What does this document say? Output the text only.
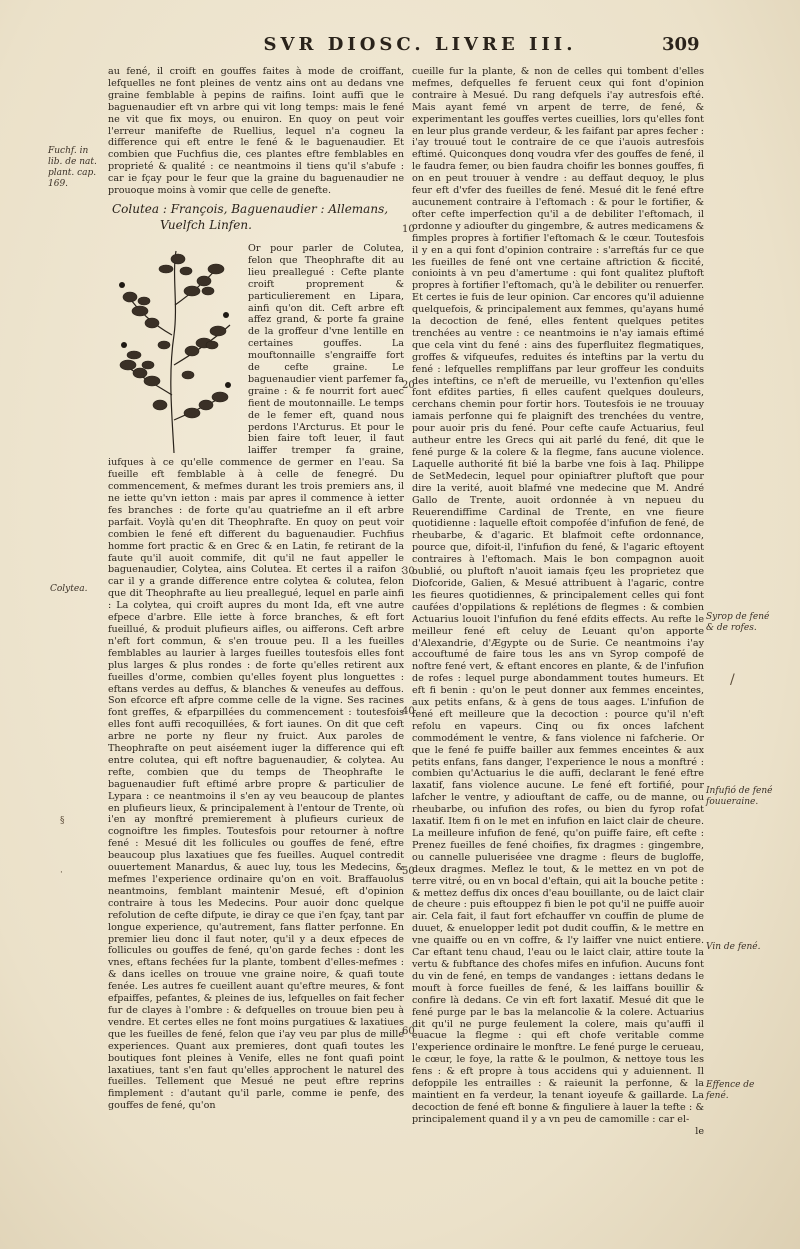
SVR DIOSC. LIVRE III.	309

au fené, il croift en gouffes faites à mode de croiffant, lefquelles ne font pleines de ventz ains ont au dedans vne graine femblable à pepins de raifins. Ioint auffi que le baguenaudier eft vn arbre qui vit long temps: mais le fené ne vit que fix moys, ou enuiron. En quoy on peut voir l'erreur manifefte de Ruellius, lequel n'a cogneu la difference qui eft entre le fené & le baguenaudier. Et combien que Fuchfius die, ces plantes eftre femblables en proprieté & qualité : ce neantmoins il tiens qu'il s'abufe : car ie fçay pour le feur que la graine du baguenaudier ne prouoque moins à vomir que celle de genefte.

Colutea : François, Baguenaudier : Allemans,
Vuelfch Linfen.

Or pour parler de Colutea, felon que Theophrafte dit au lieu preallegué : Cefte plante croift proprement & particulierement en Lipara, ainfi qu'on dit. Ceft arbre eft affez grand, & porte fa graine de la groffeur d'vne lentille en certaines gouffes. La mouftonnaille s'engraiffe fort de cefte graine. Le baguenaudier vient parfemer fa graine : & fe nourrit fort auec fient de moutonnaille. Le temps de le femer eft, quand nous perdons l'Arcturus. Et pour le bien faire toft leuer, il faut laiffer tremper fa graine, iufques à ce qu'elle commence de germer en l'eau. Sa fueille eft femblable à à celle de fenegré. Du commencement, & mefmes durant les trois premiers ans, il ne iette qu'vn ietton : mais par apres il commence à ietter fes branches : de forte qu'au quatriefme an il eft arbre parfait. Voylà qu'en dit Theophrafte. En quoy on peut voir combien le fené eft different du baguenaudier. Fuchfius homme fort practic & en Grec & en Latin, fe retirant de la faute qu'il auoit commife, dit qu'il ne faut appeller le baguenaudier, Colytea, ains Colutea. Et certes il a raifon : car il y a grande difference entre colytea & colutea, felon que dit Theophrafte au lieu preallegué, lequel en parle ainfi : La colytea, qui croift aupres du mont Ida, eft vne autre efpece d'arbre. Elle iette à force branches, & eft fort fueillué, & produit plufieurs aifles, ou aifferons. Ceft arbre n'eft fort commun, & s'en trouue peu. Il a les fueilles femblables au laurier à larges fueilles toutesfois elles font plus larges & plus rondes : de forte qu'elles retirent aux fueilles d'orme, combien qu'elles foyent plus longuettes : eftans verdes au deffus, & blanches & veneufes au deffous. Son efcorce eft afpre comme celle de la vigne. Ses racines font greffes, & efparpillées du commencement : toutesfois elles font auffi recoquillées, & fort iaunes. On dit que ceft arbre ne porte ny fleur ny fruict. Aux paroles de Theophrafte on peut aiséement iuger la difference qui eft entre colutea, qui eft noftre baguenaudier, & colytea. Au refte, combien que du temps de Theophrafte le baguenaudier fuft eftimé arbre propre & particulier de Lypara : ce neantmoins il s'en ay veu beaucoup de plantes en plufieurs lieux, & principalement à l'entour de Trente, où i'en ay monftré premierement à plufieurs curieux de cognoiftre les fimples. Toutesfois pour retourner à noftre fené : Mesué dit les follicules ou gouffes de fené, eftre beaucoup plus laxatiues que fes fueilles. Auquel contredit ouuertement Manardus, & auec luy, tous les Medecins, & mefmes l'experience ordinaire qu'on en voit. Braffauolus neantmoins, femblant maintenir Mesué, eft d'opinion contraire à tous les Medecins. Pour auoir donc quelque refolution de cefte difpute, ie diray ce que i'en fçay, tant par longue experience, qu'autrement, fans flatter perfonne. En premier lieu donc il faut noter, qu'il y a deux efpeces de follicules ou gouffes de fené, qu'on garde feches : dont les vnes, eftans fechées fur la plante, tombent d'elles-mefmes : & dans icelles on trouue vne graine noire, & quafi toute fenée. Les autres fe cueillent auant qu'eftre meures, & font efpaiffes, pefantes, & pleines de ius, lefquelles on fait fecher fur de clayes à l'ombre : & defquelles on trouue bien peu à vendre. Et certes elles ne font moins purgatiues & laxatiues que les fueilles de fené, felon que i'ay veu par plus de mille experiences. Quant aux premieres, dont quafi toutes les boutiques font pleines à Venife, elles ne font quafi point laxatiues, tant s'en faut qu'elles approchent le naturel des fueilles. Tellement que Mesué ne peut eftre reprins fimplement : d'autant qu'il parle, comme ie penfe, des gouffes de fené, qu'on

cueille fur la plante, & non de celles qui tombent d'elles mefmes, defquelles fe feruent ceux qui font d'opinion contraire à Mesué. Du rang defquels i'ay autresfois efté. Mais ayant femé vn arpent de terre, de fené, & experimentant les gouffes vertes cueillies, lors qu'elles font en leur plus grande verdeur, & les faifant par apres fecher : i'ay trouué tout le contraire de ce que i'auois autresfois eftimé. Quiconques donq voudra vfer des gouffes de fené, il le faudra femer, ou bien faudra choifir les bonnes gouffes, fi on en peut trouuer à vendre : au deffaut dequoy, le plus feur eft d'vfer des fueilles de fené. Mesué dit le fené eftre aucunement contraire à l'eftomach : & pour le fortifier, & ofter cefte imperfection qu'il a de debiliter l'eftomach, il ordonne y adioufter du gingembre, & autres medicamens & fimples propres à fortifier l'eftomach & le cœur. Toutesfois il y en a qui font d'opinion contraire : s'arreftás fur ce que les fueilles de fené ont vne certaine aftriction & ficcité, conioints à vn peu d'amertume : qui font qualitez pluftoft propres à fortifier l'eftomach, qu'à le debiliter ou renuerfer. Et certes ie fuis de leur opinion. Car encores qu'il aduienne quelquefois, & principalement aux femmes, qu'ayans humé la decoction de fené, elles fentent quelques petites trenchées au ventre : ce neantmoins ie n'ay iamais eftimé que cela vint du fené : ains des fuperfluitez flegmatiques, groffes & vifqueufes, reduites és inteftins par la vertu du fené : lefquelles rempliffans par leur groffeur les conduits des inteftins, ce n'eft de merueille, vu l'extenfion qu'elles font efdites parties, fi elles caufent quelques douleurs, cerchans chemin pour fortir hors. Toutesfois ie ne trouuay iamais perfonne qui fe plaignift des trenchées du ventre, pour auoir pris du fené. Pour cefte caufe Actuarius, feul autheur entre les Grecs qui ait parlé du fené, dit que le fené purge & la colere & la flegme, fans aucune violence. Laquelle authorité fit bié la barbe vne fois à Iaq. Philippe de SetMedecin, lequel pour opiniaftrer pluftoft que pour dire la verité, auoit blafmé vne medecine que M. André Gallo de Trente, auoit ordonnée à vn nepueu du Reuerendiffime Cardinal de Trente, en vne fieure quotidienne : laquelle eftoit compofée d'infufion de fené, de rheubarbe, & d'agaric. Et blafmoit cefte ordonnance, pource que, difoit-il, l'infufion du fené, & l'agaric eftoyent contraires à l'eftomach. Mais le bon compagnon auoit oublié, ou pluftoft n'auoit iamais fçeu les proprietez que Diofcoride, Galien, & Mesué attribuent à l'agaric, contre les fieures quotidiennes, & principalement celles qui font caufées d'oppilations & replétions de flegmes : & combien Actuarius louoit l'infufion du fené efdits effects. Au refte le meilleur fené eft celuy de Leuant qu'on apporte d'Alexandrie, d'Ægypte ou de Surie. Ce neantmoins i'ay accouftumé de faire tous les ans vn Syrop compofé de noftre fené vert, & eftant encores en plante, & de l'infufion de rofes : lequel purge abondamment toutes humeurs. Et eft fi benin : qu'on le peut donner aux femmes enceintes, aux petits enfans, & à gens de tous aages. L'infufion de fené eft meilleure que la decoction : pource qu'il n'eft refolu en vapeurs. Cinq ou fix onces lafchent commodément le ventre, & fans violence ni fafcherie. Or que le fené fe puiffe bailler aux femmes enceintes & aux petits enfans, fans danger, l'experience le nous a monftré : combien qu'Actuarius le die auffi, declarant le fené eftre laxatif, fans violence aucune. Le fené eft fortifié, pour lafcher le ventre, y adiouftant de caffe, ou de manne, ou rheubarbe, ou infufion des rofes, ou bien du fyrop rofat laxatif. Item fi on le met en infufion en laict clair de cheure. La meilleure infufion de fené, qu'on puiffe faire, eft cefte : Prenez fueilles de fené choifies, fix dragmes : gingembre, ou cannelle pulueriséee vne dragme : fleurs de bugloffe, deux dragmes. Meflez le tout, & le mettez en vn pot de terre vitré, ou en vn bocal d'eftain, qui ait la bouche petite : & mettez deffus dix onces d'eau bouillante, ou de laict clair de cheure : puis eftouppez fi bien le pot qu'il ne puiffe auoir air. Cela fait, il faut fort efchauffer vn couffin de plume de duuet, & enuelopper ledit pot dudit couffin, & le mettre en vne quaiffe ou en vn coffre, & l'y laiffer vne nuict entiere. Car eftant tenu chaud, l'eau ou le laict clair, attire toute la vertu & fubftance des chofes mifes en infufion. Aucuns font du vin de fené, en temps de vandanges : iettans dedans le mouft à force fueilles de fené, & les laiffans bouillir & confire là dedans. Ce vin eft fort laxatif. Mesué dit que le fené purge par le bas la melancolie & la colere. Actuarius dit qu'il ne purge feulement la colere, mais qu'auffi il euacue la flegme : qui eft chofe veritable comme l'experience ordinaire le monftre. Le fené purge le cerueau, le cœur, le foye, la ratte & le poulmon, & nettoye tous les fens : & eft propre à tous accidens qui y aduiennent. Il defoppile les entrailles : & raieunit la perfonne, & la maintient en fa verdeur, la tenant ioyeufe & gaillarde. La decoction de fené eft bonne & finguliere à lauer la tefte : & principalement quand il y a vn peu de camomille : car el-

le

Fuchf. in lib. de nat. plant. cap. 169.
Colytea.
Syrop de fené & de rofes.
Infufió de fené fouueraine.
Vin de fené.
Effence de fené.
10
20
30
40
50
60
§
·
/
